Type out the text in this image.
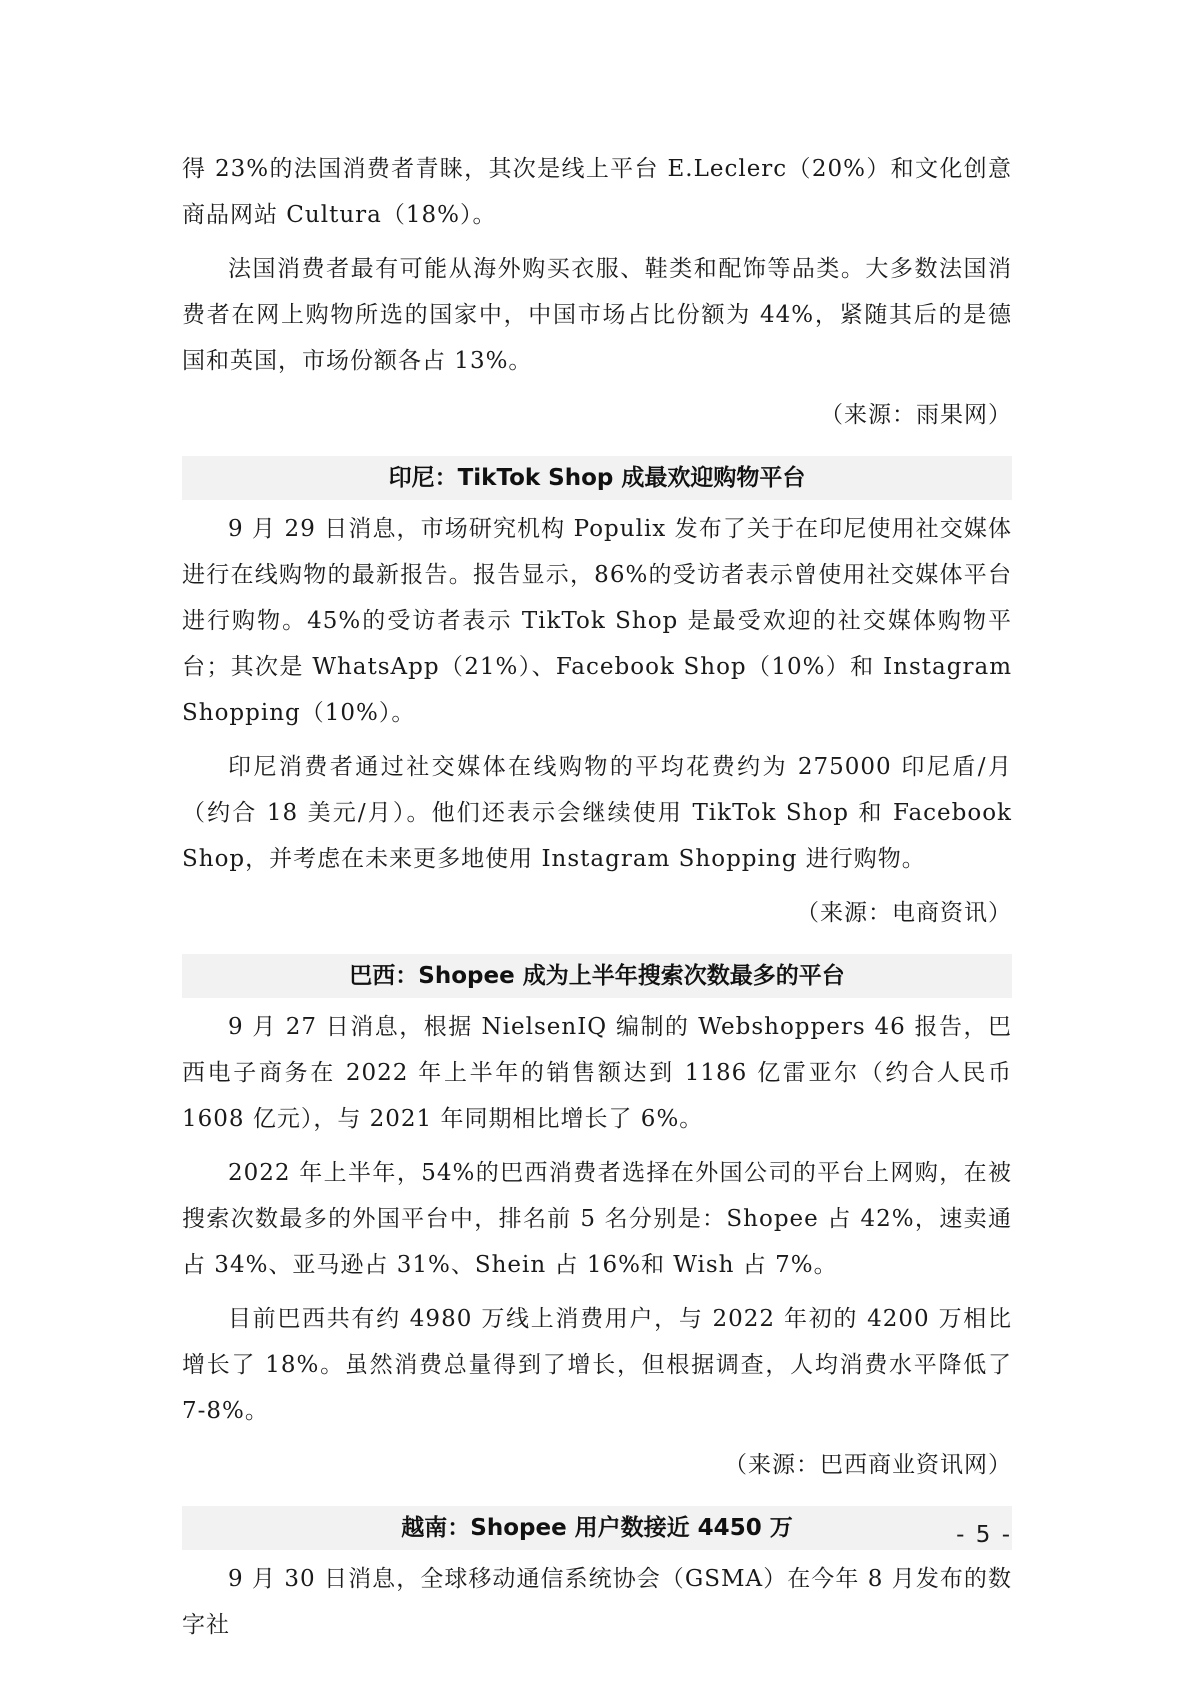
得 23%的法国消费者青睐，其次是线上平台 E.Leclerc（20%）和文化创意商品网站 Cultura（18%）。

法国消费者最有可能从海外购买衣服、鞋类和配饰等品类。大多数法国消费者在网上购物所选的国家中，中国市场占比份额为 44%，紧随其后的是德国和英国，市场份额各占 13%。

（来源：雨果网）

印尼：TikTok Shop 成最欢迎购物平台

9 月 29 日消息，市场研究机构 Populix 发布了关于在印尼使用社交媒体进行在线购物的最新报告。报告显示，86%的受访者表示曾使用社交媒体平台进行购物。45%的受访者表示 TikTok Shop 是最受欢迎的社交媒体购物平台；其次是 WhatsApp（21%）、Facebook Shop（10%）和 Instagram Shopping（10%）。

印尼消费者通过社交媒体在线购物的平均花费约为 275000 印尼盾/月（约合 18 美元/月）。他们还表示会继续使用 TikTok Shop 和 Facebook Shop，并考虑在未来更多地使用 Instagram Shopping 进行购物。

（来源：电商资讯）

巴西：Shopee 成为上半年搜索次数最多的平台

9 月 27 日消息，根据 NielsenIQ 编制的 Webshoppers 46 报告，巴西电子商务在 2022 年上半年的销售额达到 1186 亿雷亚尔（约合人民币 1608 亿元），与 2021 年同期相比增长了 6%。

2022 年上半年，54%的巴西消费者选择在外国公司的平台上网购，在被搜索次数最多的外国平台中，排名前 5 名分别是：Shopee 占 42%，速卖通占 34%、亚马逊占 31%、Shein 占 16%和 Wish 占 7%。

目前巴西共有约 4980 万线上消费用户，与 2022 年初的 4200 万相比增长了 18%。虽然消费总量得到了增长，但根据调查，人均消费水平降低了 7-8%。

（来源：巴西商业资讯网）

越南：Shopee 用户数接近 4450 万

9 月 30 日消息，全球移动通信系统协会（GSMA）在今年 8 月发布的数字社

- 5 -
